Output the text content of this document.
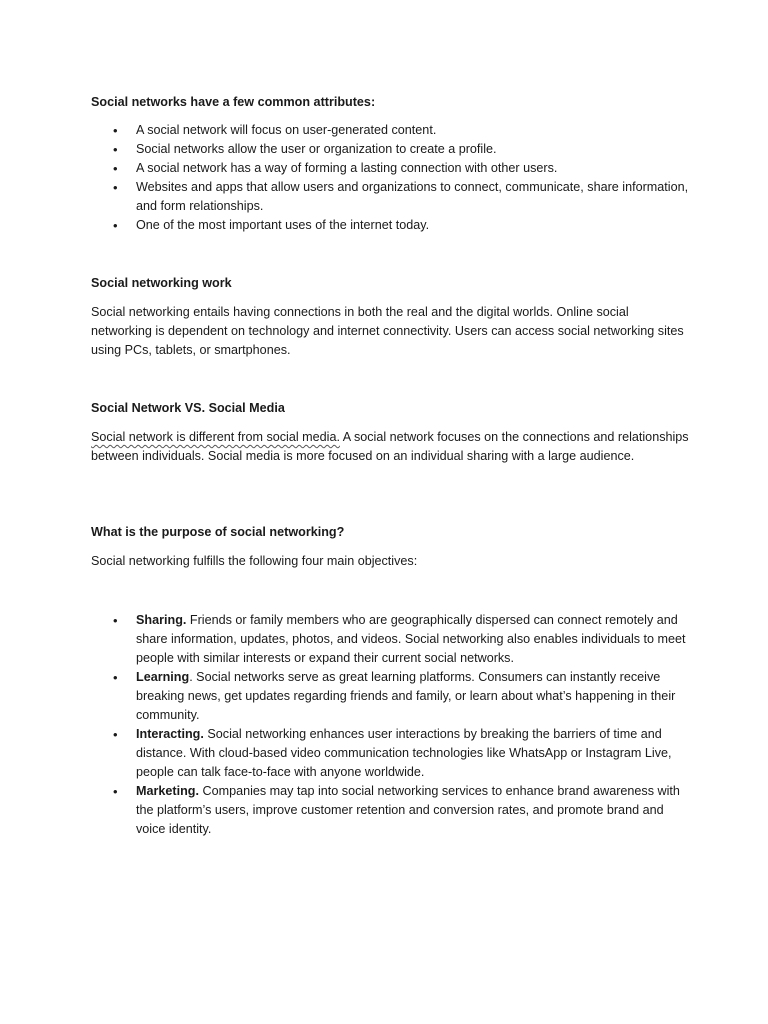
Social networks have a few common attributes:

• A social network will focus on user-generated content.
• Social networks allow the user or organization to create a profile.
• A social network has a way of forming a lasting connection with other users.
• Websites and apps that allow users and organizations to connect, communicate, share information, and form relationships.
• One of the most important uses of the internet today.

Social networking work

Social networking entails having connections in both the real and the digital worlds. Online social networking is dependent on technology and internet connectivity. Users can access social networking sites using PCs, tablets, or smartphones.

Social Network VS. Social Media

Social network is different from social media. A social network focuses on the connections and relationships between individuals. Social media is more focused on an individual sharing with a large audience.

What is the purpose of social networking?

Social networking fulfills the following four main objectives:

• Sharing. Friends or family members who are geographically dispersed can connect remotely and share information, updates, photos, and videos. Social networking also enables individuals to meet people with similar interests or expand their current social networks.
• Learning. Social networks serve as great learning platforms. Consumers can instantly receive breaking news, get updates regarding friends and family, or learn about what’s happening in their community.
• Interacting. Social networking enhances user interactions by breaking the barriers of time and distance. With cloud-based video communication technologies like WhatsApp or Instagram Live, people can talk face-to-face with anyone worldwide.
• Marketing. Companies may tap into social networking services to enhance brand awareness with the platform’s users, improve customer retention and conversion rates, and promote brand and voice identity.
